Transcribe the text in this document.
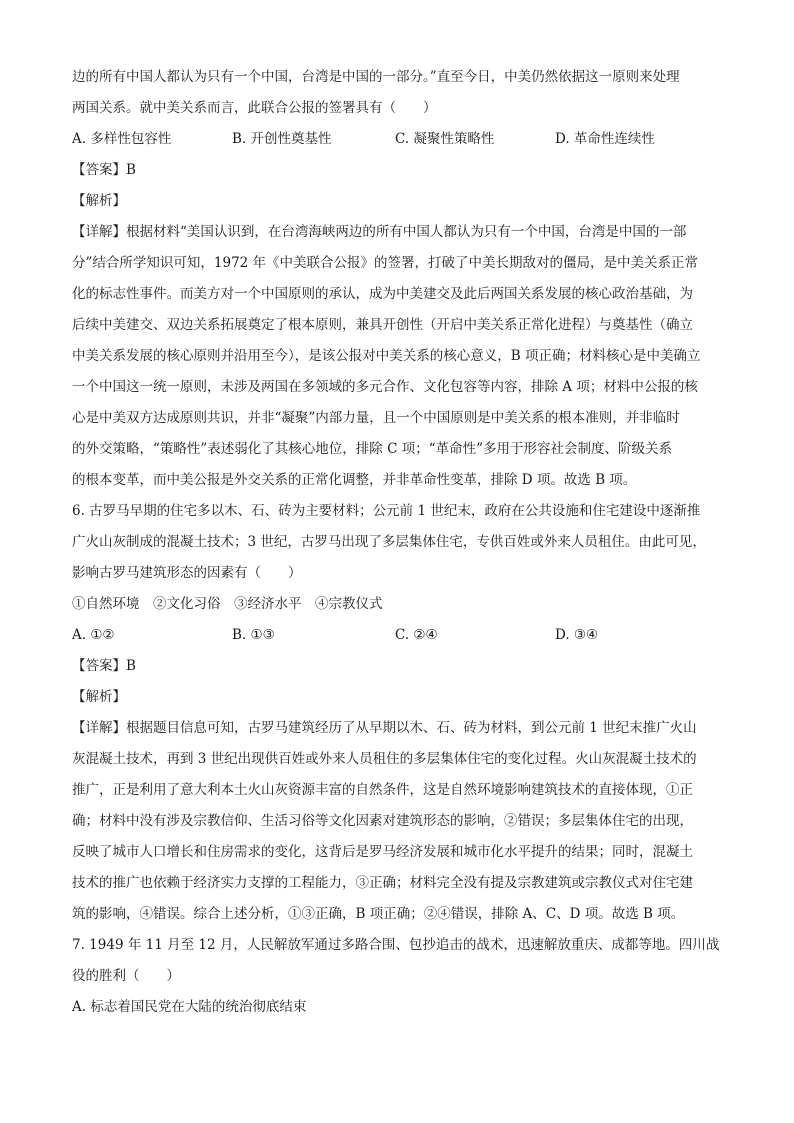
边的所有中国人都认为只有一个中国，台湾是中国的一部分。”直至今日，中美仍然依据这一原则来处理
两国关系。就中美关系而言，此联合公报的签署具有（　　）
A. 多样性包容性	B. 开创性奠基性	C. 凝聚性策略性	D. 革命性连续性
【答案】B
【解析】
【详解】根据材料“美国认识到，在台湾海峡两边的所有中国人都认为只有一个中国，台湾是中国的一部
分”结合所学知识可知，1972 年《中美联合公报》的签署，打破了中美长期敌对的僵局，是中美关系正常
化的标志性事件。而美方对一个中国原则的承认，成为中美建交及此后两国关系发展的核心政治基础，为
后续中美建交、双边关系拓展奠定了根本原则，兼具开创性（开启中美关系正常化进程）与奠基性（确立
中美关系发展的核心原则并沿用至今），是该公报对中美关系的核心意义，B 项正确；材料核心是中美确立
一个中国这一统一原则，未涉及两国在多领域的多元合作、文化包容等内容，排除 A 项；材料中公报的核
心是中美双方达成原则共识，并非“凝聚”内部力量，且一个中国原则是中美关系的根本准则，并非临时
的外交策略，“策略性”表述弱化了其核心地位，排除 C 项；“革命性”多用于形容社会制度、阶级关系
的根本变革，而中美公报是外交关系的正常化调整，并非革命性变革，排除 D 项。故选 B 项。
6. 古罗马早期的住宅多以木、石、砖为主要材料；公元前 1 世纪末，政府在公共设施和住宅建设中逐渐推
广火山灰制成的混凝土技术；3 世纪，古罗马出现了多层集体住宅，专供百姓或外来人员租住。由此可见，
影响古罗马建筑形态的因素有（　　）
①自然环境　②文化习俗　③经济水平　④宗教仪式
A. ①②	B. ①③	C. ②④	D. ③④
【答案】B
【解析】
【详解】根据题目信息可知，古罗马建筑经历了从早期以木、石、砖为材料，到公元前 1 世纪末推广火山
灰混凝土技术，再到 3 世纪出现供百姓或外来人员租住的多层集体住宅的变化过程。火山灰混凝土技术的
推广，正是利用了意大利本土火山灰资源丰富的自然条件，这是自然环境影响建筑技术的直接体现，①正
确；材料中没有涉及宗教信仰、生活习俗等文化因素对建筑形态的影响，②错误；多层集体住宅的出现，
反映了城市人口增长和住房需求的变化，这背后是罗马经济发展和城市化水平提升的结果；同时，混凝土
技术的推广也依赖于经济实力支撑的工程能力，③正确；材料完全没有提及宗教建筑或宗教仪式对住宅建
筑的影响，④错误。综合上述分析，①③正确，B 项正确；②④错误，排除 A、C、D 项。故选 B 项。
7. 1949 年 11 月至 12 月，人民解放军通过多路合围、包抄追击的战术，迅速解放重庆、成都等地。四川战
役的胜利（　　）
A. 标志着国民党在大陆的统治彻底结束
